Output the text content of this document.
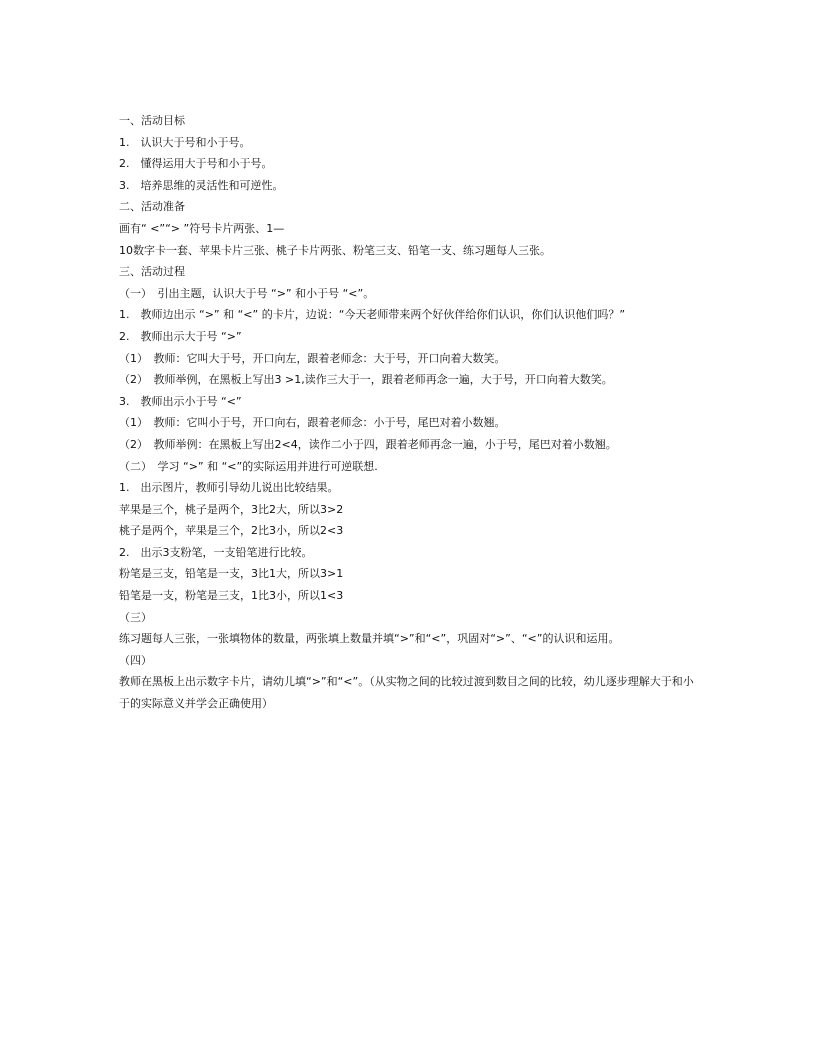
一、活动目标
1.　认识大于号和小于号。
2.　懂得运用大于号和小于号。
3.　培养思维的灵活性和可逆性。
二、活动准备
画有“ <”“> ”符号卡片两张、1—
10数字卡一套、苹果卡片三张、桃子卡片两张、粉笔三支、铅笔一支、练习题每人三张。
三、活动过程
（一）　引出主题，认识大于号 “>” 和小于号 “<”。
1.　教师边出示 “>” 和 “<” 的卡片，边说：“今天老师带来两个好伙伴给你们认识，你们认识他们吗？”
2.　教师出示大于号 “>”
（1）　教师：它叫大于号，开口向左，跟着老师念：大于号，开口向着大数笑。
（2）　教师举例，在黑板上写出3 >1,读作三大于一，跟着老师再念一遍，大于号，开口向着大数笑。
3.　教师出示小于号 “<”
（1）　教师：它叫小于号，开口向右，跟着老师念：小于号，尾巴对着小数翘。
（2）　教师举例：在黑板上写出2<4，读作二小于四，跟着老师再念一遍，小于号，尾巴对着小数翘。
（二）　学习 “>” 和 “<”的实际运用并进行可逆联想.
1.　出示图片，教师引导幼儿说出比较结果。
苹果是三个，桃子是两个，3比2大，所以3>2
桃子是两个，苹果是三个，2比3小，所以2<3
2.　出示3支粉笔，一支铅笔进行比较。
粉笔是三支，铅笔是一支，3比1大，所以3>1
铅笔是一支，粉笔是三支，1比3小，所以1<3
（三）
练习题每人三张，一张填物体的数量，两张填上数量并填“>”和“<”，巩固对“>”、“<”的认识和运用。
（四）
教师在黑板上出示数字卡片，请幼儿填“>”和“<”。（从实物之间的比较过渡到数目之间的比较，幼儿逐步理解大于和小于的实际意义并学会正确使用）
